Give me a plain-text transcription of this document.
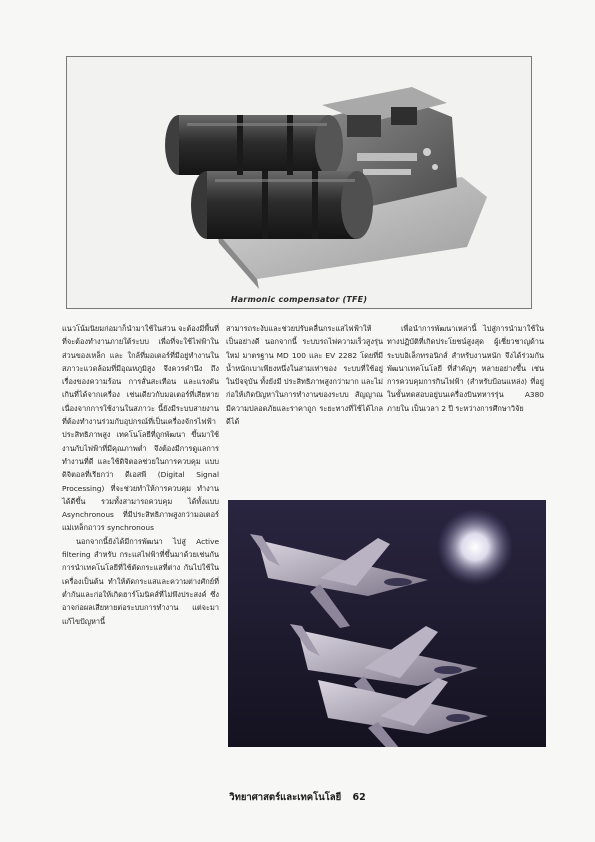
Harmonic compensator (TFE)

แนวโน้มนิยมก่อมาก็นำมาใช้ในส่วน จะต้องมีพื้นที่ที่จะต้องทำงานภายใต้ระบบ เพื่อที่จะใช้ไฟฟ้าในส่วนของเหล็ก และ ใกล้ที่มอเตอร์ที่มีอยู่ทำงานในสภาวะแวดล้อมที่มีอุณหภูมิสูง จึงควรคำนึง ถึงเรื่องของความร้อน การสั่นสะเทือน และแรงดันเกินที่ได้จากเครื่อง เช่นเดียวกับมอเตอร์ที่เสียหายเนื่องจากการใช้งานในสภาวะ นี้ยังมีระบบสายงานที่ต้องทำงานร่วมกับอุปกรณ์ที่เป็นเครื่องจักรไฟฟ้า ประสิทธิภาพสูง เทคโนโลยีที่ถูกพัฒนา ขึ้นมาใช้งานกับไฟฟ้าที่มีคุณภาพต่ำ จึงต้องมีการดูแลการทำงานที่ดี และใช้ดิจิตอลช่วยในการควบคุม แบบดิจิตอลที่เรียกว่า ดีเอสพี (Digital Signal Processing) ที่จะช่วยทำให้การควบคุม ทำงานได้ดีขึ้น รวมทั้งสามารถควบคุม ได้ทั้งแบบ Asynchronous ที่มีประสิทธิภาพสูงกว่ามอเตอร์ แม่เหล็กถาวร synchronous

นอกจากนี้ยังได้มีการพัฒนา ไปสู่ Active filtering สำหรับ กระแสไฟฟ้าที่ขึ้นมาด้วยเช่นกัน การนำเทคโนโลยีที่ใช้ตัดกระแสที่ต่าง กันไปใช้ในเครื่องเป็นต้น ทำให้ตัดกระแสและความต่างศักย์ที่ต่ำกันและก่อให้เกิดฮาร์โมนิคส์ที่ไม่พึงประสงค์ ซึ่งอาจก่อผลเสียหายต่อระบบการทำงาน แต่จะมาแก้ไขปัญหานี้

สามารถระงับและช่วยปรับคลื่นกระแสไฟฟ้าให้เป็นอย่างดี นอกจากนี้ ระบบรถไฟความเร็วสูงรุ่นใหม่ มาตรฐาน MD 100 และ EV 2282 โดยที่มีน้ำหนักเบาเพียงหนึ่งในสามเท่าของ ระบบที่ใช้อยู่ในปัจจุบัน ทั้งยังมี ประสิทธิภาพสูงกว่ามาก และไม่ก่อให้เกิดปัญหาในการทำงานของระบบ สัญญาณ มีความปลอดภัยและราคาถูก ระยะทางที่ใช้ได้ไกลดีได้

เพื่อนำการพัฒนาเหล่านี้ ไปสู่การนำมาใช้ในทางปฏิบัติที่เกิดประโยชน์สูงสุด ผู้เชี่ยวชาญด้านระบบอิเล็กทรอนิกส์ สำหรับงานหนัก จึงได้ร่วมกันพัฒนาเทคโนโลยี ที่สำคัญๆ หลายอย่างขึ้น เช่น การควบคุมการกินไฟฟ้า (สำหรับป้อนแหล่ง) ที่อยู่ในขั้นทดสอบอยู่บนเครื่องบินทหารรุ่น A380 ภายใน เป็นเวลา 2 ปี ระหว่างการศึกษาวิจัย

วิทยาศาสตร์และเทคโนโลยี 62
